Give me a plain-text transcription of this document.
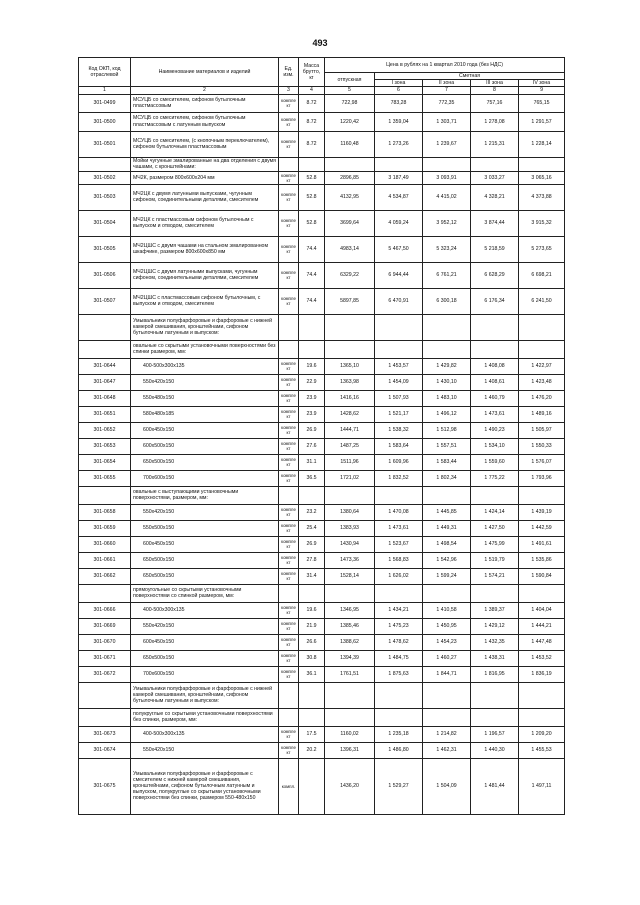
493
Код ОКП, код отраслевой	Наименование материалов и изделий	Ед. изм.	Масса брутто, кг	Цена в рублях на 1 квартал 2010 года (без НДС)				
				отпускная	Сметная			
					I зона	II зона	III зона	IV зона
1	2	3	4	5	6	7	8	9
301-0499	МСУЦБ со смесителем, сифоном бутылочным пластмассовым	компле кт	8.72	722,98	783,28	772,35	757,16	765,15
301-0500	МСУЦБ со смесителем, сифоном бутылочным пластмассовым с латунным выпуском	компле кт	8.72	1220,42	1 359,04	1 303,71	1 278,08	1 291,57
301-0501	МСУЦБ со смесителем, (с кнопочным переключателем), сифоном бутылочным пластмассовым	компле кт	8.72	1160,48	1 273,26	1 239,67	1 215,31	1 228,14
	Мойки чугунные эмалированные на два отделения с двумя чашами, с кронштейнами:							
301-0502	МЧ2К, размером 800х600х204 мм	компле кт	52.8	2896,85	3 187,49	3 093,91	3 033,27	3 065,16
301-0503	МЧ2ЦК с двумя латунными выпусками, чугунным сифоном, соединительными деталями, смесителем	компле кт	52.8	4132,95	4 534,87	4 415,02	4 328,21	4 373,88
301-0504	МЧ2ЦК с пластмассовым сифоном бутылочным с выпуском и отводом, смесителем	компле кт	52.8	3699,64	4 059,24	3 952,12	3 874,44	3 915,32
301-0505	МЧ2ЦШС с двумя чашами на стальном эмалированном шкафчике, размером 800х600х850 мм	компле кт	74.4	4983,14	5 467,50	5 323,24	5 218,59	5 273,65
301-0506	МЧ2ЦШС с двумя латунными выпусками, чугунным сифоном, соединительными деталями, смесителем	компле кт	74.4	6329,22	6 944,44	6 761,21	6 628,29	6 698,21
301-0507	МЧ2ЦШС с пластмассовым сифоном бутылочным, с выпуском и отводом, смесителем	компле кт	74.4	5897,85	6 470,91	6 300,18	6 176,34	6 241,50
	Умывальники полуфарфоровые и фарфоровые с нижней камерой смешивания, кронштейнами, сифоном бутылочным латунным и выпуском:							
	овальные со скрытыми установочными поверхностями без спинки размером, мм:							
301-0644	400-500х300х135	компле кт	19.6	1365,10	1 453,57	1 429,82	1 408,08	1 422,97
301-0647	550х420х150	компле кт	22.9	1363,98	1 454,09	1 430,10	1 408,61	1 423,48
301-0648	550х480х150	компле кт	23.9	1416,16	1 507,93	1 483,10	1 460,79	1 476,20
301-0651	580х480х185	компле кт	23.9	1428,62	1 521,17	1 496,12	1 473,61	1 489,16
301-0652	600х450х150	компле кт	26.9	1444,71	1 538,32	1 512,98	1 490,23	1 505,97
301-0653	600х500х150	компле кт	27.6	1487,25	1 583,64	1 557,51	1 534,10	1 550,33
301-0654	650х500х150	компле кт	31.1	1511,96	1 609,96	1 583,44	1 559,60	1 576,07
301-0655	700х600х150	компле кт	36.5	1721,02	1 832,52	1 802,34	1 775,22	1 793,96
	овальные с выступающими установочными поверхностями, размером, мм:							
301-0658	550х420х150	компле кт	23.2	1380,64	1 470,08	1 445,85	1 424,14	1 439,19
301-0659	550х500х150	компле кт	25.4	1383,93	1 473,61	1 449,31	1 427,50	1 442,59
301-0660	600х450х150	компле кт	26.9	1430,94	1 523,67	1 498,54	1 475,99	1 491,61
301-0661	650х500х150	компле кт	27.8	1473,36	1 568,83	1 542,96	1 519,79	1 535,86
301-0662	650х500х150	компле кт	31.4	1528,14	1 626,02	1 599,24	1 574,21	1 590,84
	прямоугольные со скрытыми установочными поверхностями со спинкой размером, мм:							
301-0666	400-500х300х135	компле кт	19.6	1346,95	1 434,21	1 410,58	1 389,37	1 404,04
301-0669	550х420х150	компле кт	21.9	1385,46	1 475,23	1 450,95	1 429,12	1 444,21
301-0670	600х450х150	компле кт	26.6	1388,62	1 478,62	1 454,23	1 432,35	1 447,48
301-0671	650х500х150	компле кт	30.8	1394,39	1 484,75	1 460,27	1 438,31	1 453,52
301-0672	700х600х150	компле кт	36.1	1761,51	1 875,63	1 844,71	1 816,95	1 836,19
	Умывальники полуфарфоровые и фарфоровые с нижней камерой смешивания, кронштейнами, сифоном бутылочным латунным и выпуском:							
	полукруглые со скрытыми установочными поверхностями без спинки, размером, мм:							
301-0673	400-500х300х135	компле кт	17.5	1160,02	1 235,18	1 214,82	1 196,57	1 209,20
301-0674	550х420х150	компле кт	20.2	1396,31	1 486,80	1 462,31	1 440,30	1 455,53
301-0675	Умывальники полуфарфоровые и фарфоровые с смесителем с нижней камерой смешивания, кронштейнами, сифоном бутылочным латунным и выпуском, полукруглые со скрытыми установочными поверхностями без спинки, размером 550-480х150	компл.		1436,20	1 529,27	1 504,09	1 481,44	1 497,11
